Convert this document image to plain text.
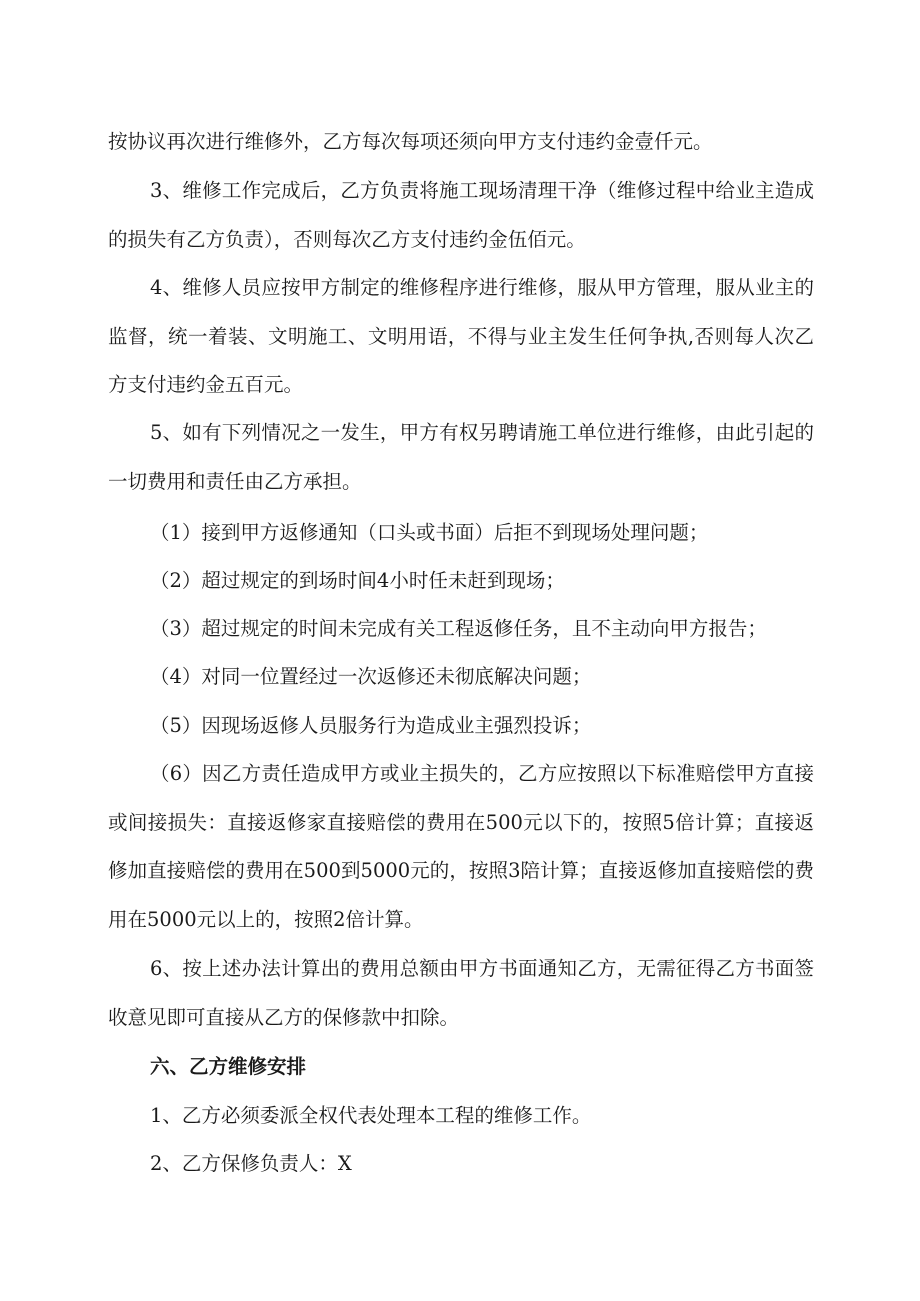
按协议再次进行维修外，乙方每次每项还须向甲方支付违约金壹仟元。
3、维修工作完成后，乙方负责将施工现场清理干净（维修过程中给业主造成的损失有乙方负责），否则每次乙方支付违约金伍佰元。
4、维修人员应按甲方制定的维修程序进行维修，服从甲方管理，服从业主的监督，统一着装、文明施工、文明用语，不得与业主发生任何争执,否则每人次乙方支付违约金五百元。
5、如有下列情况之一发生，甲方有权另聘请施工单位进行维修，由此引起的一切费用和责任由乙方承担。
（1）接到甲方返修通知（口头或书面）后拒不到现场处理问题；
（2）超过规定的到场时间4小时任未赶到现场；
（3）超过规定的时间未完成有关工程返修任务，且不主动向甲方报告；
（4）对同一位置经过一次返修还未彻底解决问题；
（5）因现场返修人员服务行为造成业主强烈投诉；
（6）因乙方责任造成甲方或业主损失的，乙方应按照以下标准赔偿甲方直接或间接损失：直接返修家直接赔偿的费用在500元以下的，按照5倍计算；直接返修加直接赔偿的费用在500到5000元的，按照3陪计算；直接返修加直接赔偿的费用在5000元以上的，按照2倍计算。
6、按上述办法计算出的费用总额由甲方书面通知乙方，无需征得乙方书面签收意见即可直接从乙方的保修款中扣除。
六、乙方维修安排
1、乙方必须委派全权代表处理本工程的维修工作。
2、乙方保修负责人：X
